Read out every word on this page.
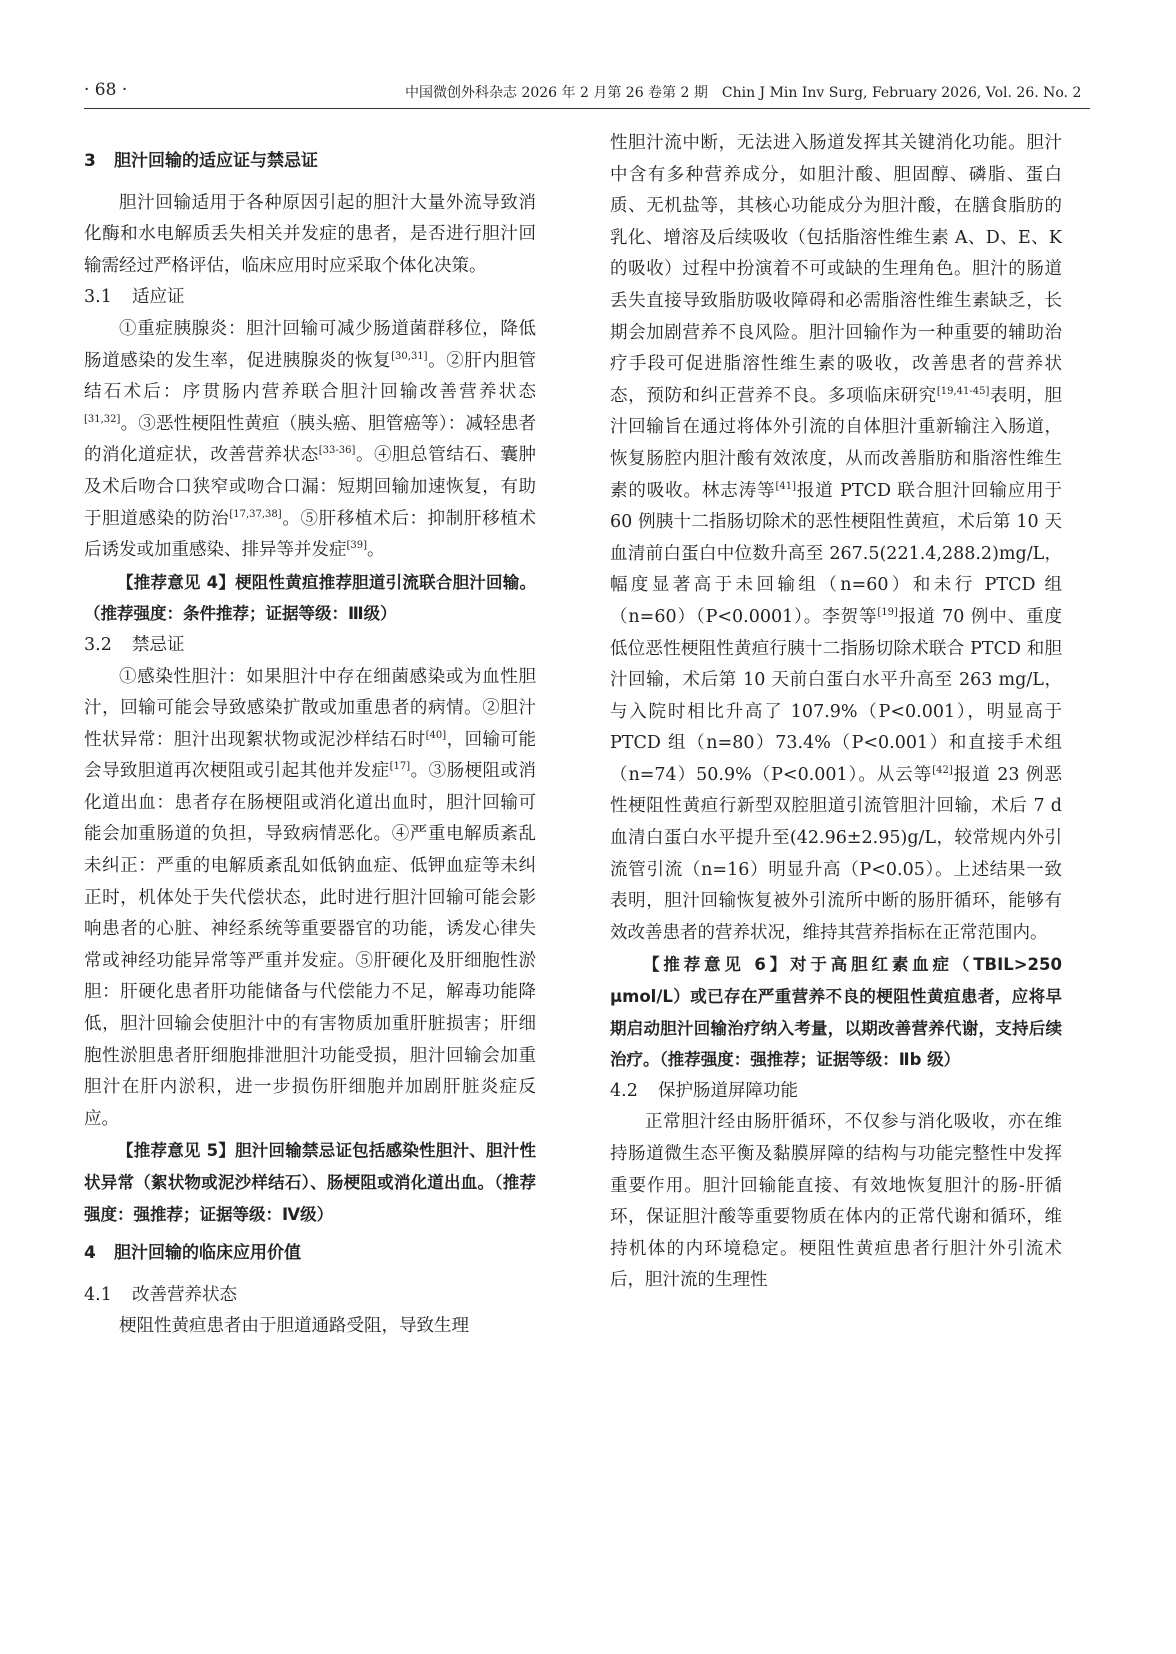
· 68 ·	中国微创外科杂志 2026 年 2 月第 26 卷第 2 期　Chin J Min Inv Surg, February 2026, Vol. 26. No. 2
3 胆汁回输的适应证与禁忌证

胆汁回输适用于各种原因引起的胆汁大量外流导致消化酶和水电解质丢失相关并发症的患者，是否进行胆汁回输需经过严格评估，临床应用时应采取个体化决策。

3.1 适应证

①重症胰腺炎：胆汁回输可减少肠道菌群移位，降低肠道感染的发生率，促进胰腺炎的恢复[30,31]。②肝内胆管结石术后：序贯肠内营养联合胆汁回输改善营养状态[31,32]。③恶性梗阻性黄疸（胰头癌、胆管癌等）：减轻患者的消化道症状，改善营养状态[33-36]。④胆总管结石、囊肿及术后吻合口狭窄或吻合口漏：短期回输加速恢复，有助于胆道感染的防治[17,37,38]。⑤肝移植术后：抑制肝移植术后诱发或加重感染、排异等并发症[39]。

【推荐意见 4】梗阻性黄疸推荐胆道引流联合胆汁回输。（推荐强度：条件推荐；证据等级：Ⅲ级）

3.2 禁忌证

①感染性胆汁：如果胆汁中存在细菌感染或为血性胆汁，回输可能会导致感染扩散或加重患者的病情。②胆汁性状异常：胆汁出现絮状物或泥沙样结石时[40]，回输可能会导致胆道再次梗阻或引起其他并发症[17]。③肠梗阻或消化道出血：患者存在肠梗阻或消化道出血时，胆汁回输可能会加重肠道的负担，导致病情恶化。④严重电解质紊乱未纠正：严重的电解质紊乱如低钠血症、低钾血症等未纠正时，机体处于失代偿状态，此时进行胆汁回输可能会影响患者的心脏、神经系统等重要器官的功能，诱发心律失常或神经功能异常等严重并发症。⑤肝硬化及肝细胞性淤胆：肝硬化患者肝功能储备与代偿能力不足，解毒功能降低，胆汁回输会使胆汁中的有害物质加重肝脏损害；肝细胞性淤胆患者肝细胞排泄胆汁功能受损，胆汁回输会加重胆汁在肝内淤积，进一步损伤肝细胞并加剧肝脏炎症反应。

【推荐意见 5】胆汁回输禁忌证包括感染性胆汁、胆汁性状异常（絮状物或泥沙样结石）、肠梗阻或消化道出血。（推荐强度：强推荐；证据等级：Ⅳ级）

4 胆汁回输的临床应用价值
4.1 改善营养状态

梗阻性黄疸患者由于胆道通路受阻，导致生理

性胆汁流中断，无法进入肠道发挥其关键消化功能。胆汁中含有多种营养成分，如胆汁酸、胆固醇、磷脂、蛋白质、无机盐等，其核心功能成分为胆汁酸，在膳食脂肪的乳化、增溶及后续吸收（包括脂溶性维生素 A、D、E、K 的吸收）过程中扮演着不可或缺的生理角色。胆汁的肠道丢失直接导致脂肪吸收障碍和必需脂溶性维生素缺乏，长期会加剧营养不良风险。胆汁回输作为一种重要的辅助治疗手段可促进脂溶性维生素的吸收，改善患者的营养状态，预防和纠正营养不良。多项临床研究[19,41-45]表明，胆汁回输旨在通过将体外引流的自体胆汁重新输注入肠道，恢复肠腔内胆汁酸有效浓度，从而改善脂肪和脂溶性维生素的吸收。林志涛等[41]报道 PTCD 联合胆汁回输应用于 60 例胰十二指肠切除术的恶性梗阻性黄疸，术后第 10 天血清前白蛋白中位数升高至 267.5(221.4,288.2)mg/L，幅度显著高于未回输组（n=60）和未行 PTCD 组（n=60）（P<0.0001）。李贺等[19]报道 70 例中、重度低位恶性梗阻性黄疸行胰十二指肠切除术联合 PTCD 和胆汁回输，术后第 10 天前白蛋白水平升高至 263 mg/L，与入院时相比升高了 107.9%（P<0.001），明显高于 PTCD 组（n=80）73.4%（P<0.001）和直接手术组（n=74）50.9%（P<0.001）。从云等[42]报道 23 例恶性梗阻性黄疸行新型双腔胆道引流管胆汁回输，术后 7 d 血清白蛋白水平提升至(42.96±2.95)g/L，较常规内外引流管引流（n=16）明显升高（P<0.05）。上述结果一致表明，胆汁回输恢复被外引流所中断的肠肝循环，能够有效改善患者的营养状况，维持其营养指标在正常范围内。

【推荐意见 6】对于高胆红素血症（TBIL>250 μmol/L）或已存在严重营养不良的梗阻性黄疸患者，应将早期启动胆汁回输治疗纳入考量，以期改善营养代谢，支持后续治疗。（推荐强度：强推荐；证据等级：Ⅱb 级）

4.2 保护肠道屏障功能

正常胆汁经由肠肝循环，不仅参与消化吸收，亦在维持肠道微生态平衡及黏膜屏障的结构与功能完整性中发挥重要作用。胆汁回输能直接、有效地恢复胆汁的肠-肝循环，保证胆汁酸等重要物质在体内的正常代谢和循环，维持机体的内环境稳定。梗阻性黄疸患者行胆汁外引流术后，胆汁流的生理性
